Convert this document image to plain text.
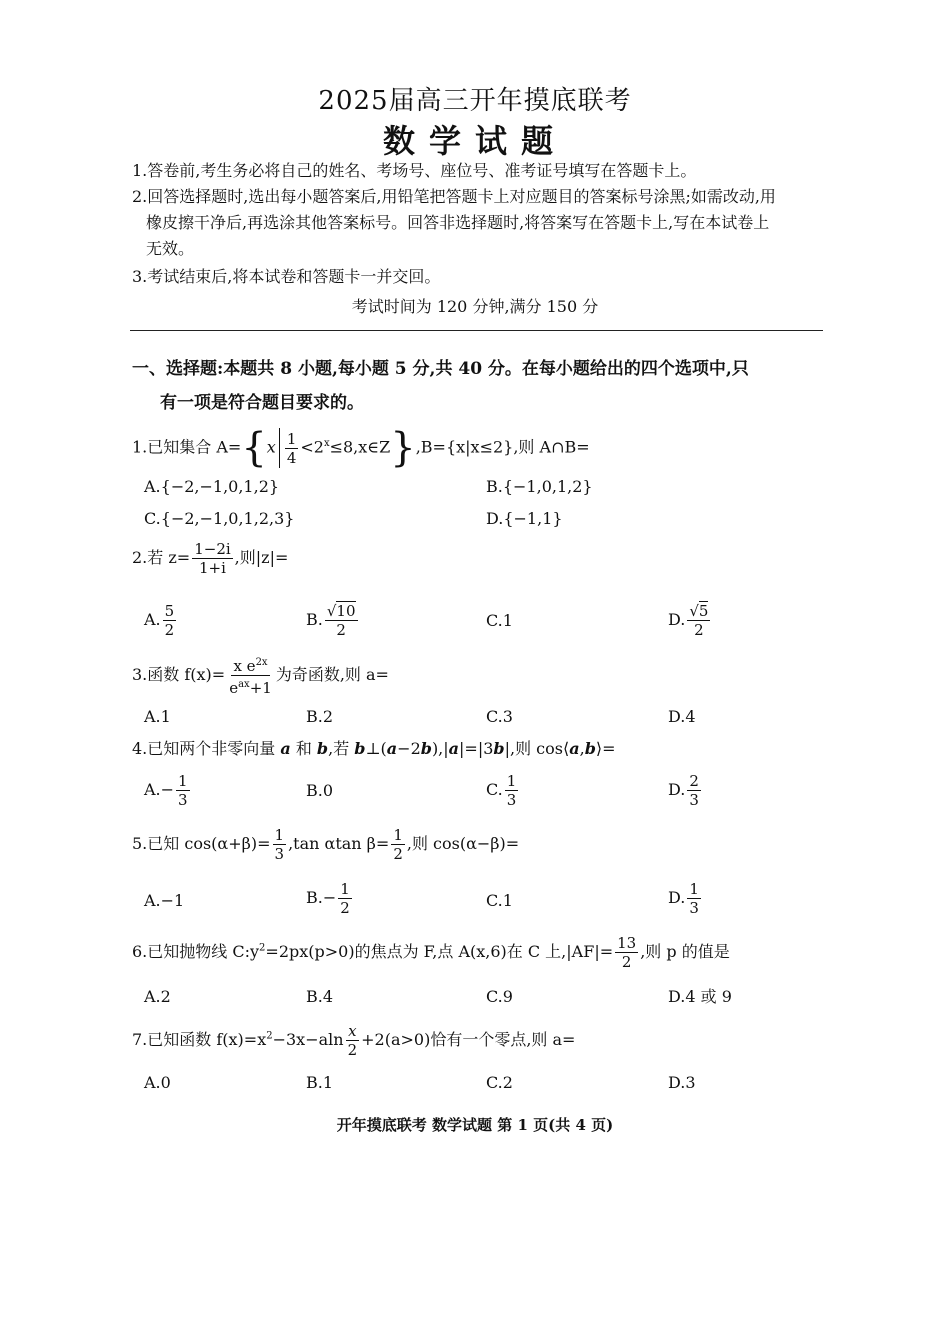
2025届高三开年摸底联考
数学试题
1.答卷前,考生务必将自己的姓名、考场号、座位号、准考证号填写在答题卡上。
2.回答选择题时,选出每小题答案后,用铅笔把答题卡上对应题目的答案标号涂黑;如需改动,用
橡皮擦干净后,再选涂其他答案标号。回答非选择题时,将答案写在答题卡上,写在本试卷上
无效。
3.考试结束后,将本试卷和答题卡一并交回。
考试时间为 120 分钟,满分 150 分
一、选择题:本题共 8 小题,每小题 5 分,共 40 分。在每小题给出的四个选项中,只
有一项是符合题目要求的。
1.已知集合 $A=\{x \frac{1}{4}$ $<2^x\le 8,x\in Z\},B=\{x|x\le 2\}$,则 A∩B=
A.{−2,−1,0,1,2}	B.{−1,0,1,2}
C.{−2,−1,0,1,2,3}	D.{−1,1}
2.若 $z= \frac{1-2i}{1+i}$ ,则|z|=
A. $\frac{5}{2}$	B. $\frac{√10}{2}$	C.1	D. $\frac{√5}{2}$
3.函数 $f(x)= \frac{x e^{2x}}{e^{ax}+1}$ 为奇函数,则 a=
A.1	B.2	C.3	D.4
4.已知两个非零向量 a 和 b,若 b⊥(a−2b),|a|=|3b|,则 cos⟨a,b⟩=
$A.- \frac{1}{3}$	B.0	C. $\frac{1}{3}$	D. $\frac{2}{3}$
5.已知 $\cos(\alpha+\beta)= \frac{1}{3} ,\tan$ αtan $\beta= \frac{1}{2}$ ,则 cos(α−β)=
A.−1	$B.- \frac{1}{2}$	C.1	D. $\frac{1}{3}$
6.已知抛物线 $C:y^2=2px(p>0)$的焦点为 F,点 A(x,6)在 C 上$,|AF|= \frac{13}{2}$ ,则 p 的值是
A.2	B.4	C.9	D.4 或 9
7.已知函数 $f(x)=x^2-3x-aln \frac{x}{2} +2(a>0)$恰有一个零点,则 a=
A.0	B.1	C.2	D.3
开年摸底联考 数学试题 第 1 页(共 4 页)
